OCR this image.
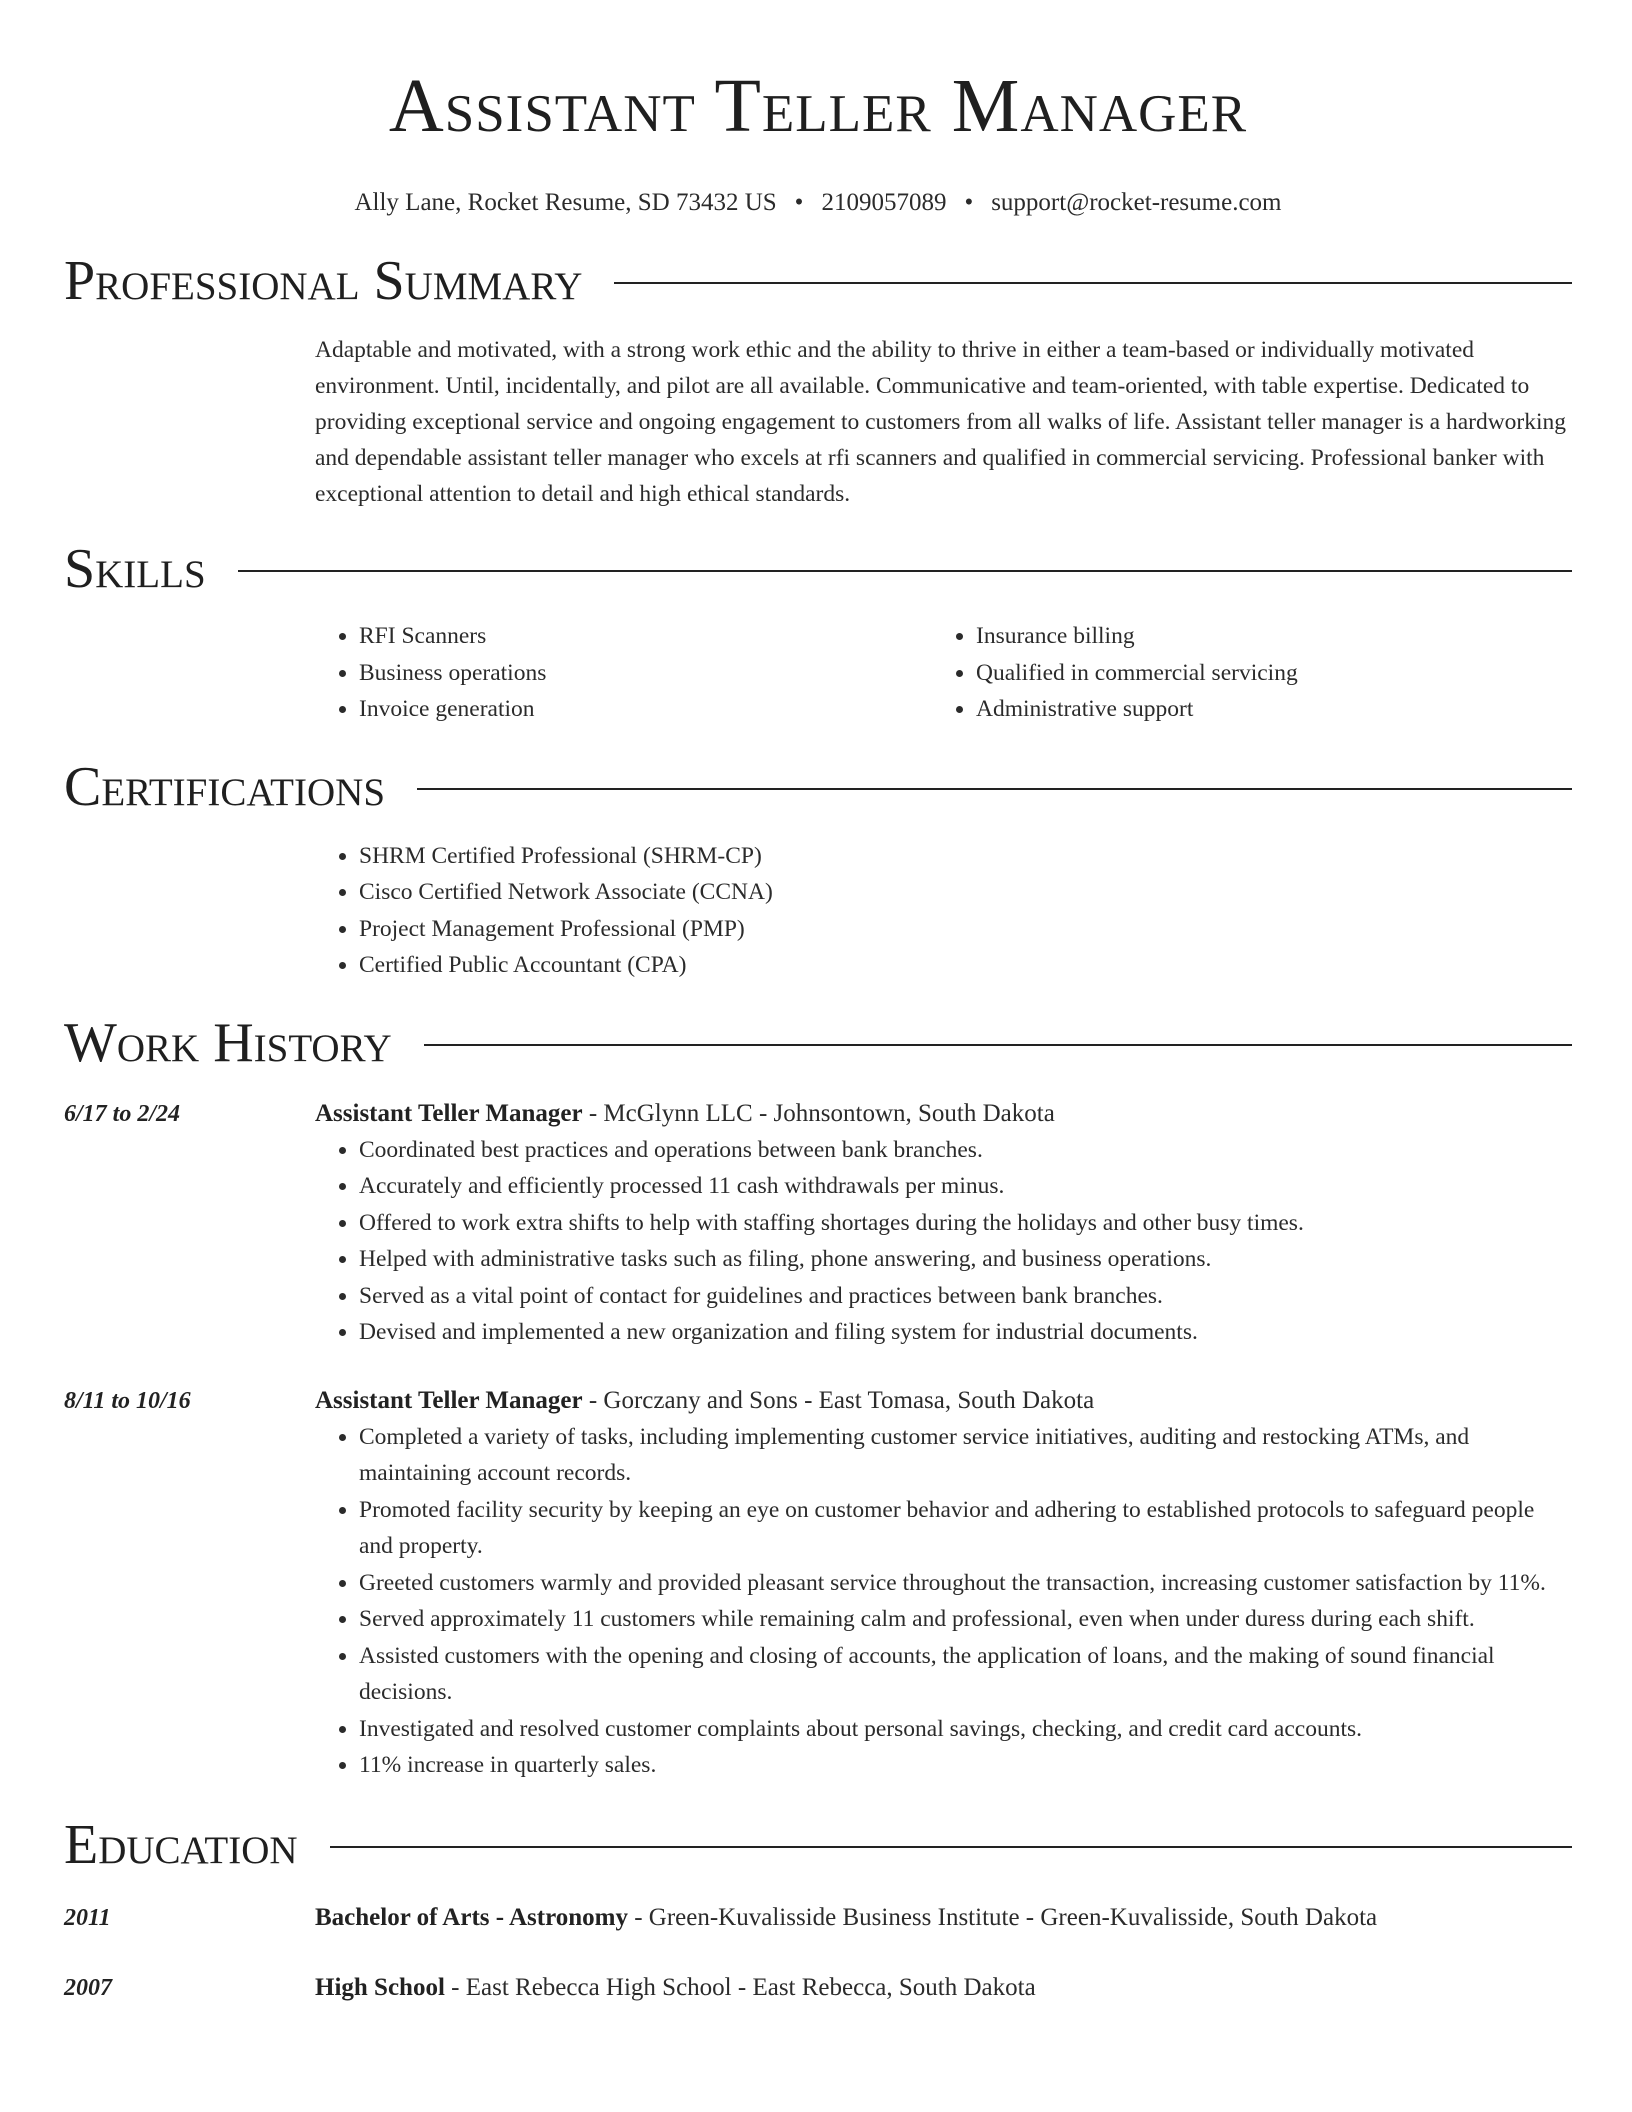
Assistant Teller Manager
Ally Lane, Rocket Resume, SD 73432 US • 2109057089 • support@rocket-resume.com
Professional Summary
Adaptable and motivated, with a strong work ethic and the ability to thrive in either a team-based or individually motivated environment. Until, incidentally, and pilot are all available. Communicative and team-oriented, with table expertise. Dedicated to providing exceptional service and ongoing engagement to customers from all walks of life. Assistant teller manager is a hardworking and dependable assistant teller manager who excels at rfi scanners and qualified in commercial servicing. Professional banker with exceptional attention to detail and high ethical standards.
Skills
• RFI Scanners
• Business operations
• Invoice generation
• Insurance billing
• Qualified in commercial servicing
• Administrative support
Certifications
• SHRM Certified Professional (SHRM-CP)
• Cisco Certified Network Associate (CCNA)
• Project Management Professional (PMP)
• Certified Public Accountant (CPA)
Work History
6/17 to 2/24	Assistant Teller Manager - McGlynn LLC - Johnsontown, South Dakota
• Coordinated best practices and operations between bank branches.
• Accurately and efficiently processed 11 cash withdrawals per minus.
• Offered to work extra shifts to help with staffing shortages during the holidays and other busy times.
• Helped with administrative tasks such as filing, phone answering, and business operations.
• Served as a vital point of contact for guidelines and practices between bank branches.
• Devised and implemented a new organization and filing system for industrial documents.
8/11 to 10/16	Assistant Teller Manager - Gorczany and Sons - East Tomasa, South Dakota
• Completed a variety of tasks, including implementing customer service initiatives, auditing and restocking ATMs, and maintaining account records.
• Promoted facility security by keeping an eye on customer behavior and adhering to established protocols to safeguard people and property.
• Greeted customers warmly and provided pleasant service throughout the transaction, increasing customer satisfaction by 11%.
• Served approximately 11 customers while remaining calm and professional, even when under duress during each shift.
• Assisted customers with the opening and closing of accounts, the application of loans, and the making of sound financial decisions.
• Investigated and resolved customer complaints about personal savings, checking, and credit card accounts.
• 11% increase in quarterly sales.
Education
2011	Bachelor of Arts - Astronomy - Green-Kuvalisside Business Institute - Green-Kuvalisside, South Dakota
2007	High School - East Rebecca High School - East Rebecca, South Dakota
